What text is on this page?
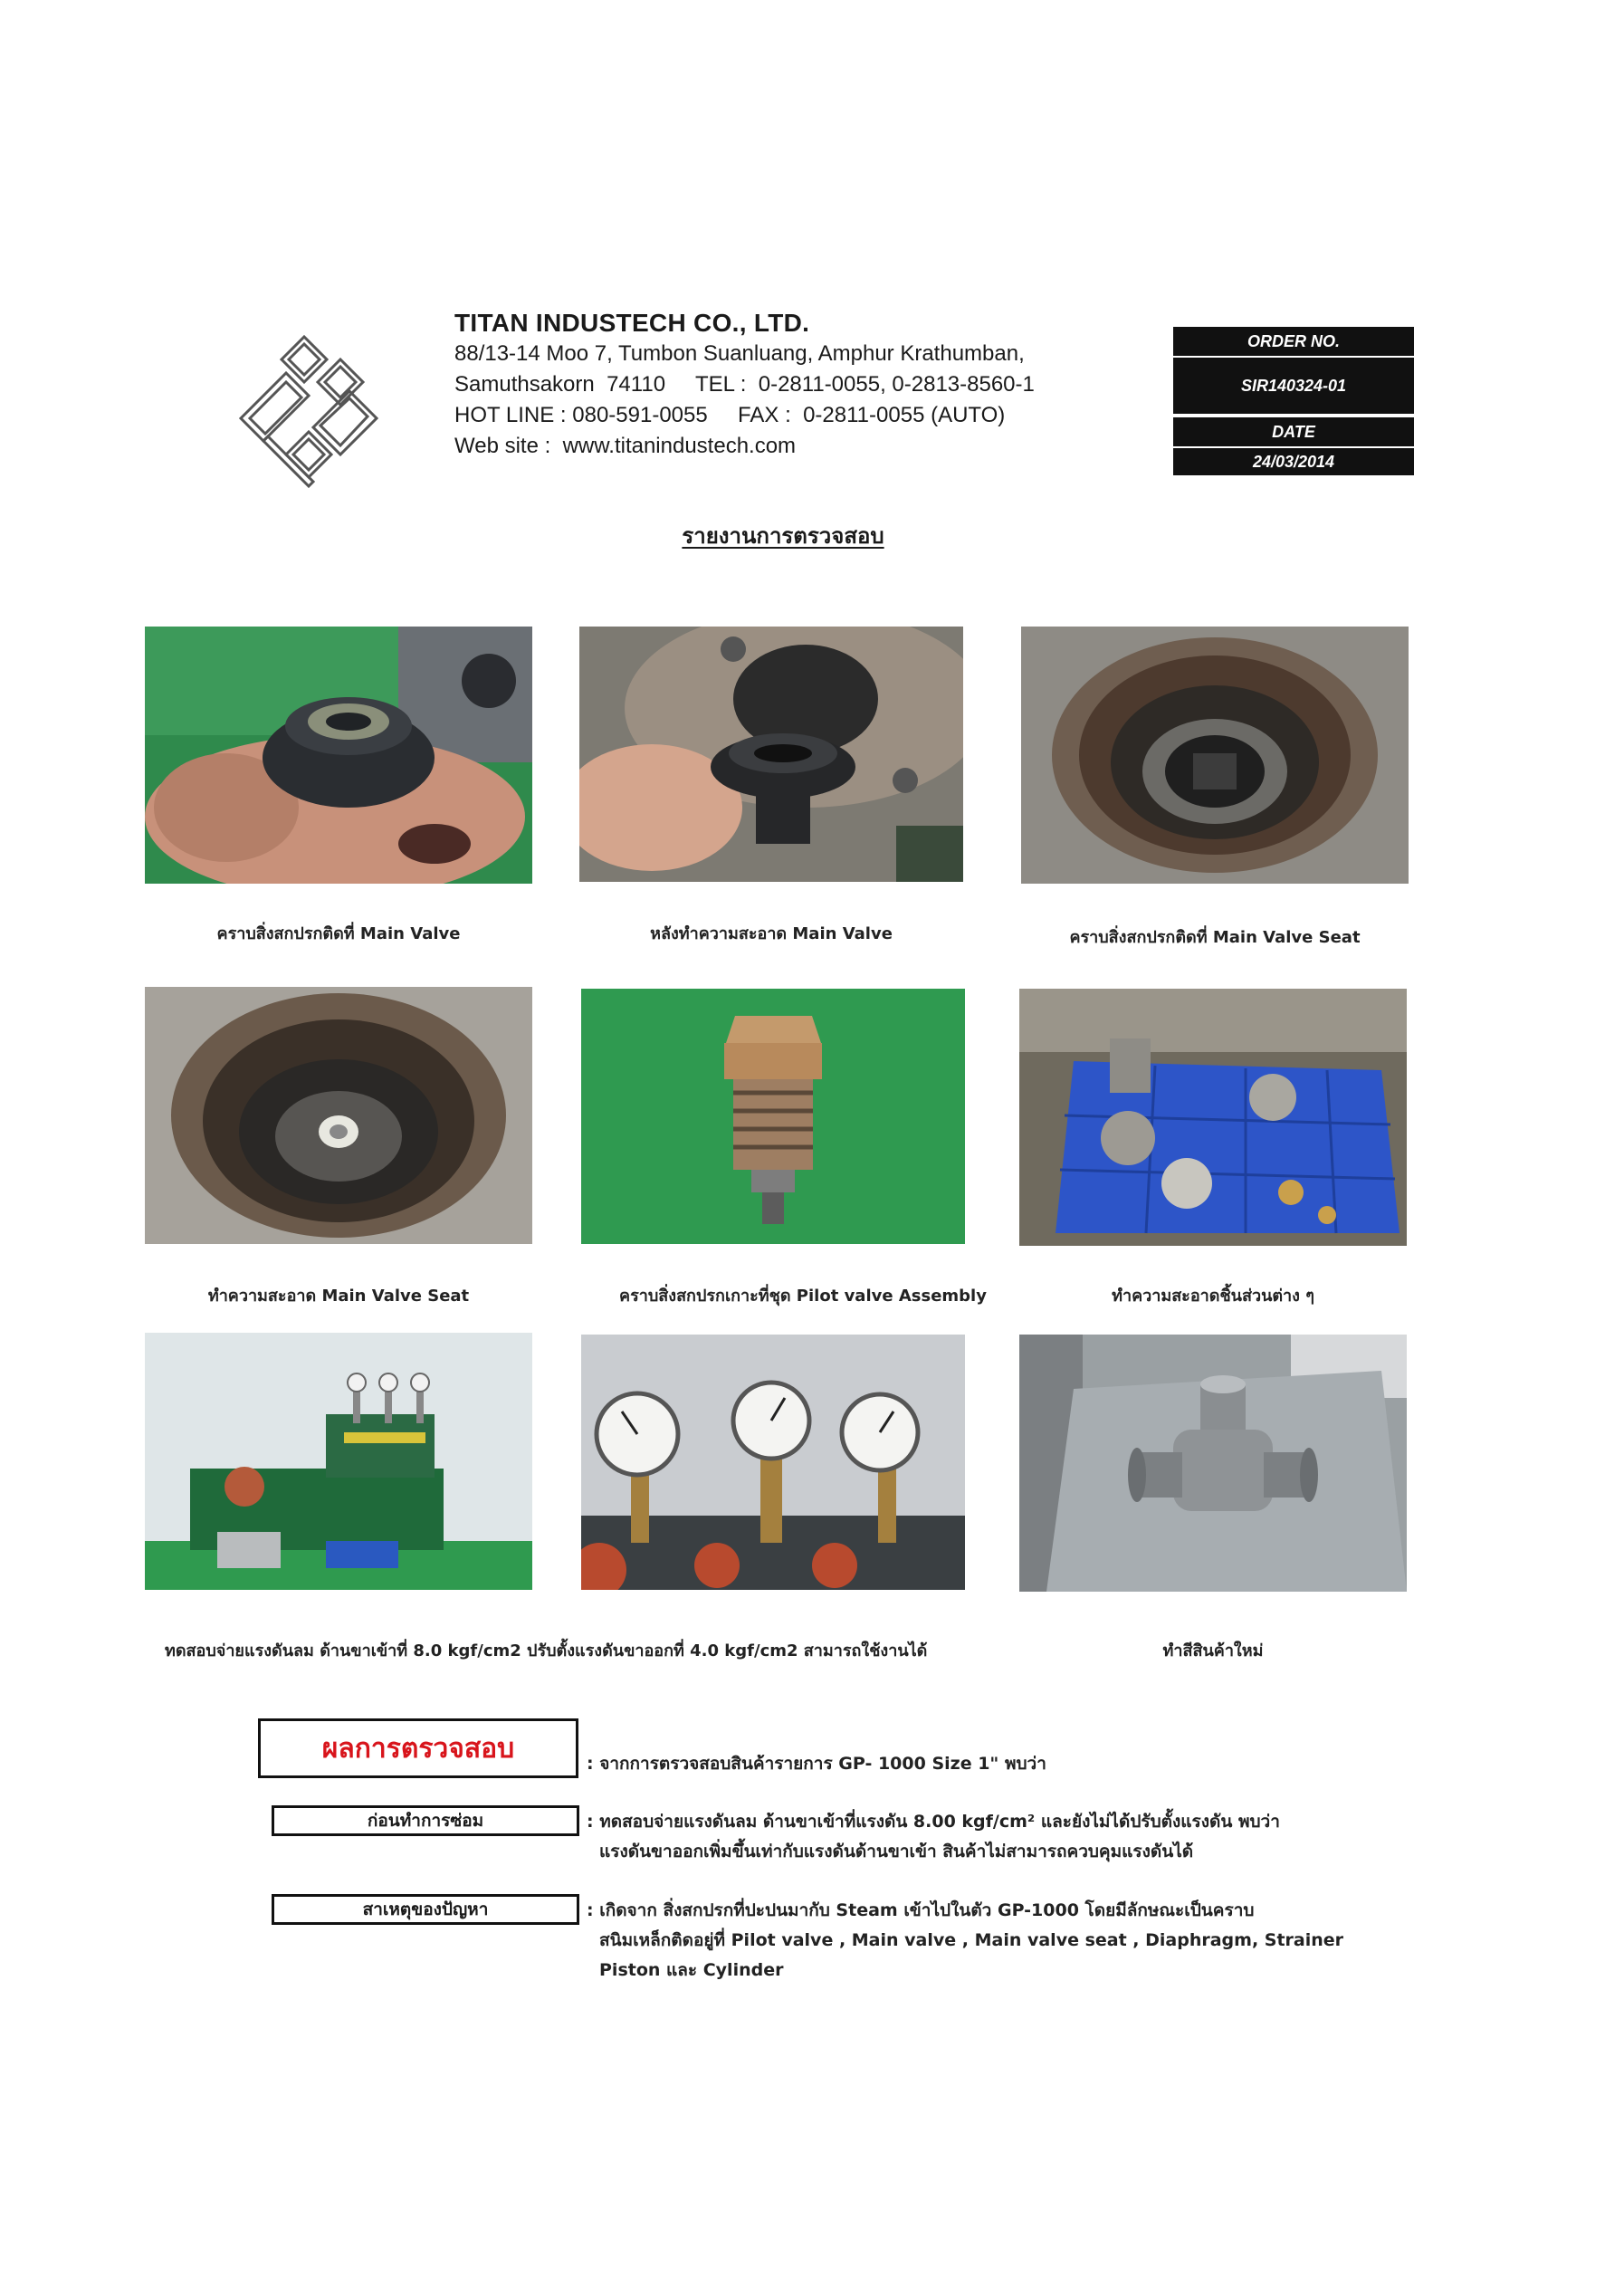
TITAN INDUSTECH CO., LTD.
88/13-14 Moo 7, Tumbon Suanluang, Amphur Krathumban,
Samuthsakorn  74110     TEL :  0-2811-0055, 0-2813-8560-1
HOT LINE : 080-591-0055     FAX :  0-2811-0055 (AUTO)
Web site :  www.titanindustech.com
ORDER NO.
SIR140324-01
DATE
24/03/2014
รายงานการตรวจสอบ
คราบสิ่งสกปรกติดที่ Main Valve	หลังทำความสะอาด Main Valve	คราบสิ่งสกปรกติดที่ Main Valve Seat
ทำความสะอาด Main Valve Seat	คราบสิ่งสกปรกเกาะที่ชุด Pilot valve Assembly	ทำความสะอาดชิ้นส่วนต่าง ๆ
ทดสอบจ่ายแรงดันลม ด้านขาเข้าที่ 8.0 kgf/cm2 ปรับตั้งแรงดันขาออกที่ 4.0 kgf/cm2 สามารถใช้งานได้	ทำสีสินค้าใหม่
ผลการตรวจสอบ	: จากการตรวจสอบสินค้ารายการ GP- 1000 Size 1" พบว่า
ก่อนทำการซ่อม	: ทดสอบจ่ายแรงดันลม ด้านขาเข้าที่แรงดัน 8.00 kgf/cm² และยังไม่ได้ปรับตั้งแรงดัน พบว่า
แรงดันขาออกเพิ่มขึ้นเท่ากับแรงดันด้านขาเข้า สินค้าไม่สามารถควบคุมแรงดันได้
สาเหตุของปัญหา	: เกิดจาก สิ่งสกปรกที่ปะปนมากับ Steam เข้าไปในตัว GP-1000 โดยมีลักษณะเป็นคราบ
สนิมเหล็กติดอยู่ที่ Pilot valve , Main valve , Main valve seat , Diaphragm, Strainer
Piston และ Cylinder
